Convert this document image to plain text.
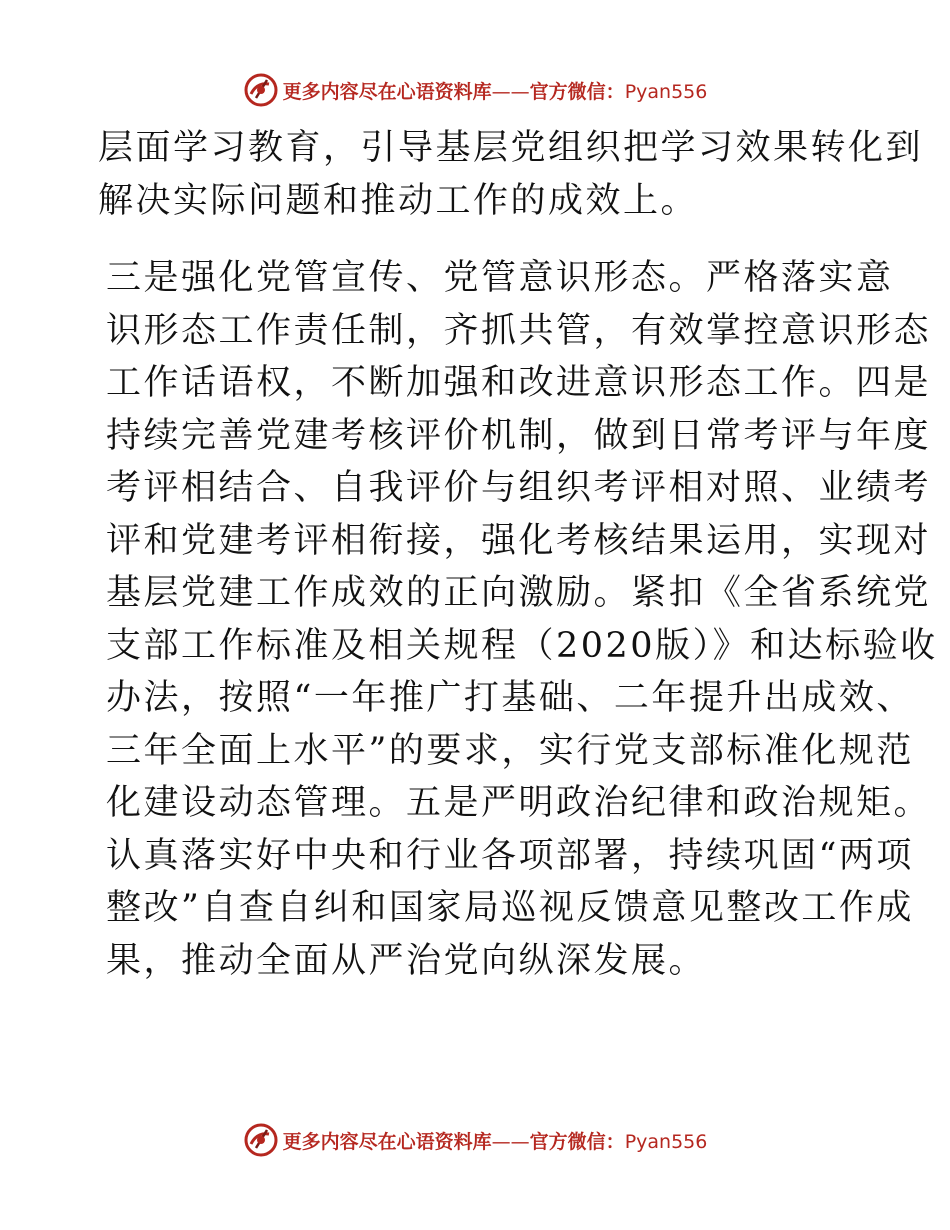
更多内容尽在心语资料库——官方微信：Pyan556
层面学习教育，引导基层党组织把学习效果转化到
解决实际问题和推动工作的成效上。
三是强化党管宣传、党管意识形态。严格落实意
识形态工作责任制，齐抓共管，有效掌控意识形态
工作话语权，不断加强和改进意识形态工作。四是
持续完善党建考核评价机制，做到日常考评与年度
考评相结合、自我评价与组织考评相对照、业绩考
评和党建考评相衔接，强化考核结果运用，实现对
基层党建工作成效的正向激励。紧扣《全省系统党
支部工作标准及相关规程（2020版）》和达标验收
办法，按照“一年推广打基础、二年提升出成效、
三年全面上水平”的要求，实行党支部标准化规范
化建设动态管理。五是严明政治纪律和政治规矩。
认真落实好中央和行业各项部署，持续巩固“两项
整改”自查自纠和国家局巡视反馈意见整改工作成
果，推动全面从严治党向纵深发展。
更多内容尽在心语资料库——官方微信：Pyan556
